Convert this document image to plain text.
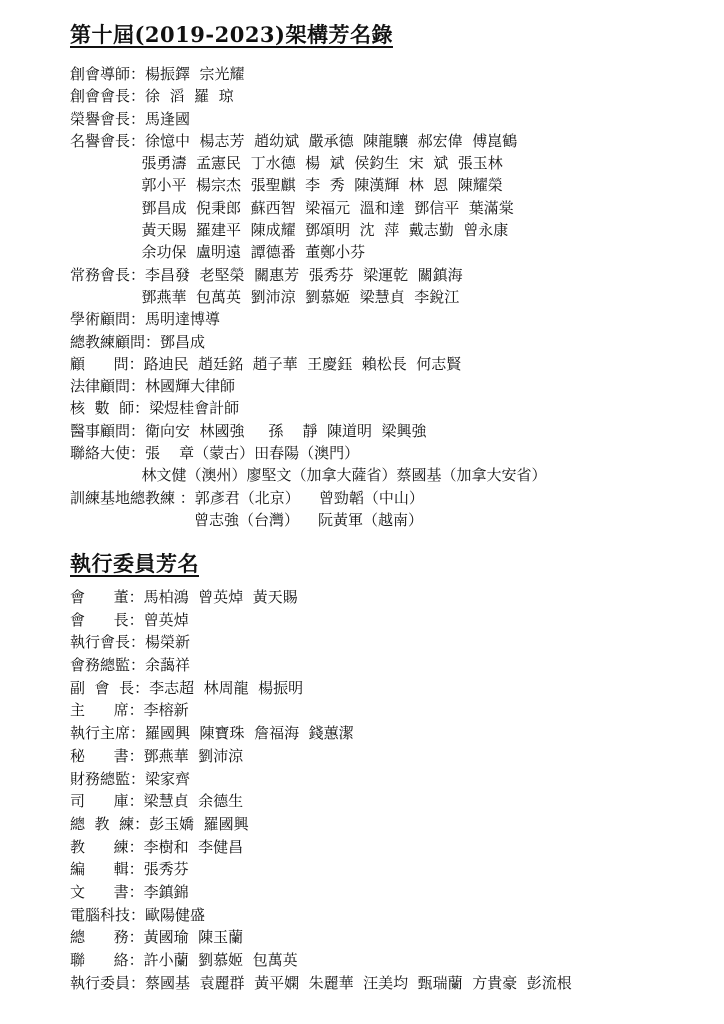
第十屆(2019-2023)架構芳名錄
創會導師：楊振鐸  宗光耀
創會會長：徐  滔  羅  琼
榮譽會長：馬逢國
名譽會長：徐憶中  楊志芳  趙幼斌  嚴承德  陳龍驤  郝宏偉  傅崑鶴
張勇濤  孟憲民  丁水德  楊  斌  侯鈞生  宋  斌  張玉林
郭小平  楊宗杰  張聖麒  李  秀  陳漢輝  林  恩  陳耀榮
鄧昌成  倪秉郎  蘇西智  梁福元  溫和達  鄧信平  葉滿棠
黃天賜  羅建平  陳成耀  鄧頌明  沈  萍  戴志勤  曾永康
余功保  盧明遠  譚德番  董鄭小芬
常務會長：李昌發  老堅榮  關惠芳  張秀芬  梁運乾  關鎮海
鄧燕華  包萬英  劉沛涼  劉慕姬  梁慧貞  李銳江
學術顧問：馬明達博導
總教練顧問：鄧昌成
顧      問：路迪民  趙廷銘  趙子華  王慶鈺  賴松長  何志賢
法律顧問：林國輝大律師
核  數  師：梁煜桂會計師
醫事顧問：衛向安  林國強     孫    靜  陳道明  梁興強
聯絡大使：張    章（蒙古）田春陽（澳門）
林文健（澳州）廖堅文（加拿大薩省）蔡國基（加拿大安省）
訓練基地總教練 ：郭彥君（北京）    曾勁韜（中山）
曾志強（台灣）    阮黃軍（越南）
執行委員芳名
會      董：馬柏鴻  曾英焯  黃天賜
會      長：曾英焯
執行會長：楊榮新
會務總監：余藹祥
副  會  長：李志超  林周龍  楊振明
主      席：李榕新
執行主席：羅國興  陳寶珠  詹福海  錢蕙潔
秘      書：鄧燕華  劉沛涼
財務總監：梁家齊
司      庫：梁慧貞  余德生
總  教  練：彭玉嬌  羅國興
教      練：李樹和  李健昌
編      輯：張秀芬
文      書：李鎮錦
電腦科技：歐陽健盛
總      務：黃國瑜  陳玉蘭
聯      絡：許小蘭  劉慕姬  包萬英
執行委員：蔡國基  袁麗群  黃平嫻  朱麗華  汪美均  甄瑞蘭  方貴豪  彭流根
